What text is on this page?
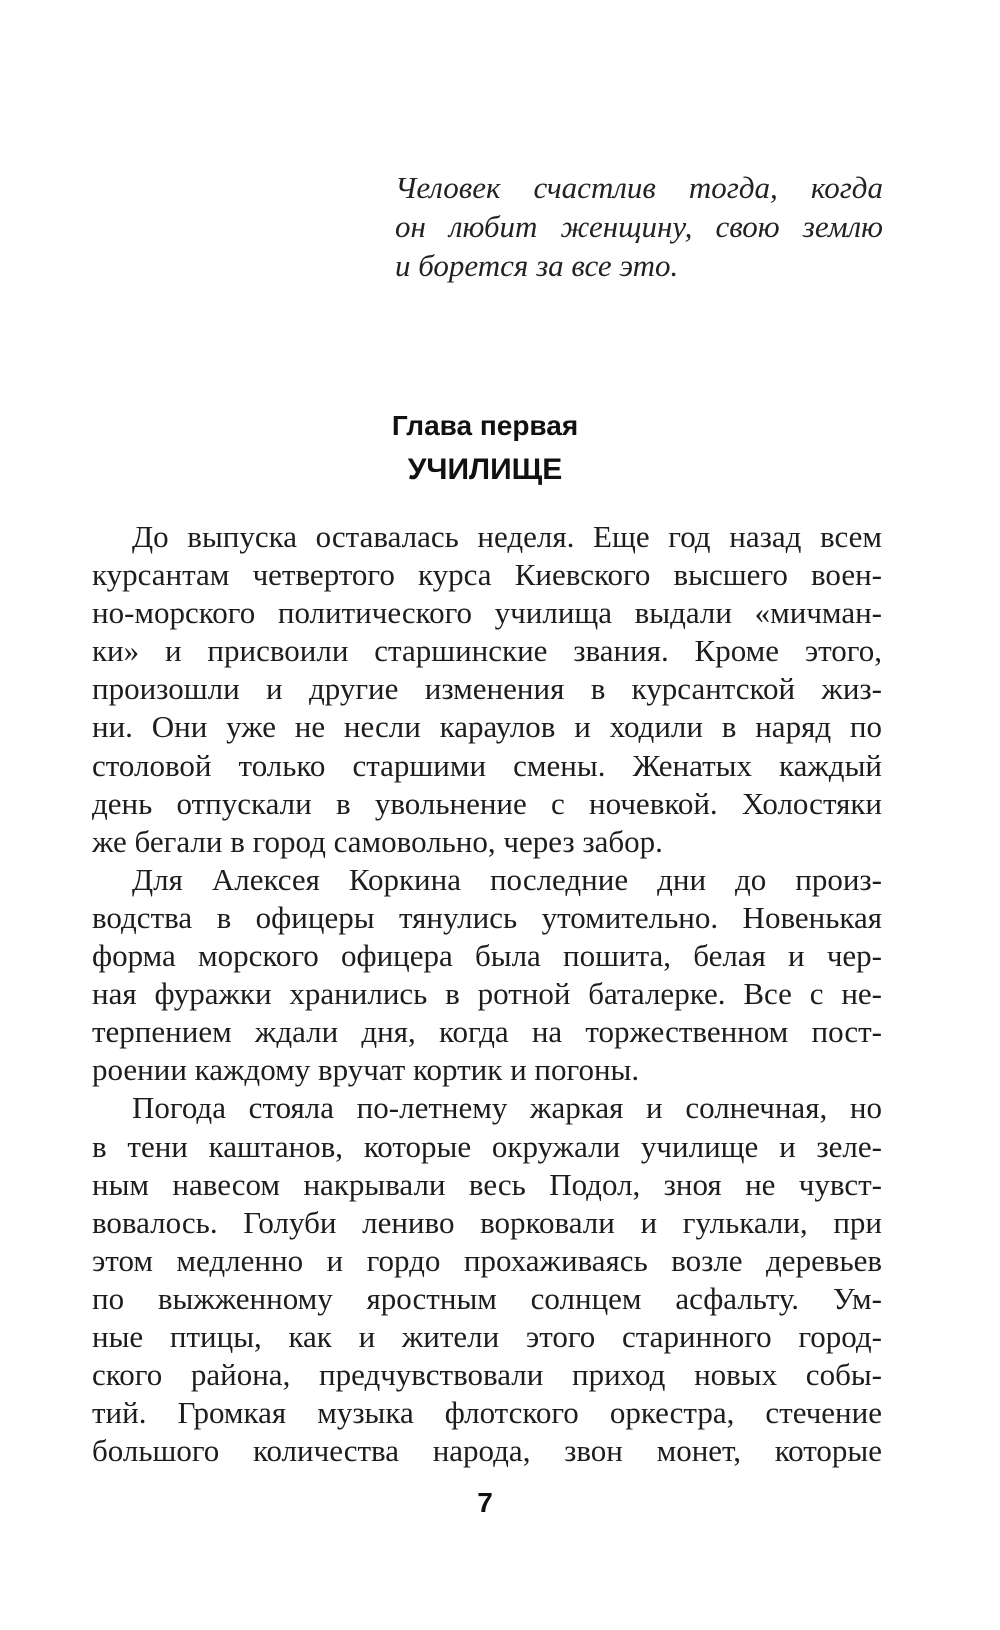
Человек счастлив тогда, когда
он любит женщину, свою землю
и борется за все это.
Глава первая
УЧИЛИЩЕ
До выпуска оставалась неделя. Еще год назад всем
курсантам четвертого курса Киевского высшего воен-
но-морского политического училища выдали «мичман-
ки» и присвоили старшинские звания. Кроме этого,
произошли и другие изменения в курсантской жиз-
ни. Они уже не несли караулов и ходили в наряд по
столовой только старшими смены. Женатых каждый
день отпускали в увольнение с ночевкой. Холостяки
же бегали в город самовольно, через забор.
Для Алексея Коркина последние дни до произ-
водства в офицеры тянулись утомительно. Новенькая
форма морского офицера была пошита, белая и чер-
ная фуражки хранились в ротной баталерке. Все с не-
терпением ждали дня, когда на торжественном пост-
роении каждому вручат кортик и погоны.
Погода стояла по-летнему жаркая и солнечная, но
в тени каштанов, которые окружали училище и зеле-
ным навесом накрывали весь Подол, зноя не чувст-
вовалось. Голуби лениво ворковали и гулькали, при
этом медленно и гордо прохаживаясь возле деревьев
по выжженному яростным солнцем асфальту. Ум-
ные птицы, как и жители этого старинного город-
ского района, предчувствовали приход новых собы-
тий. Громкая музыка флотского оркестра, стечение
большого количества народа, звон монет, которые
7
